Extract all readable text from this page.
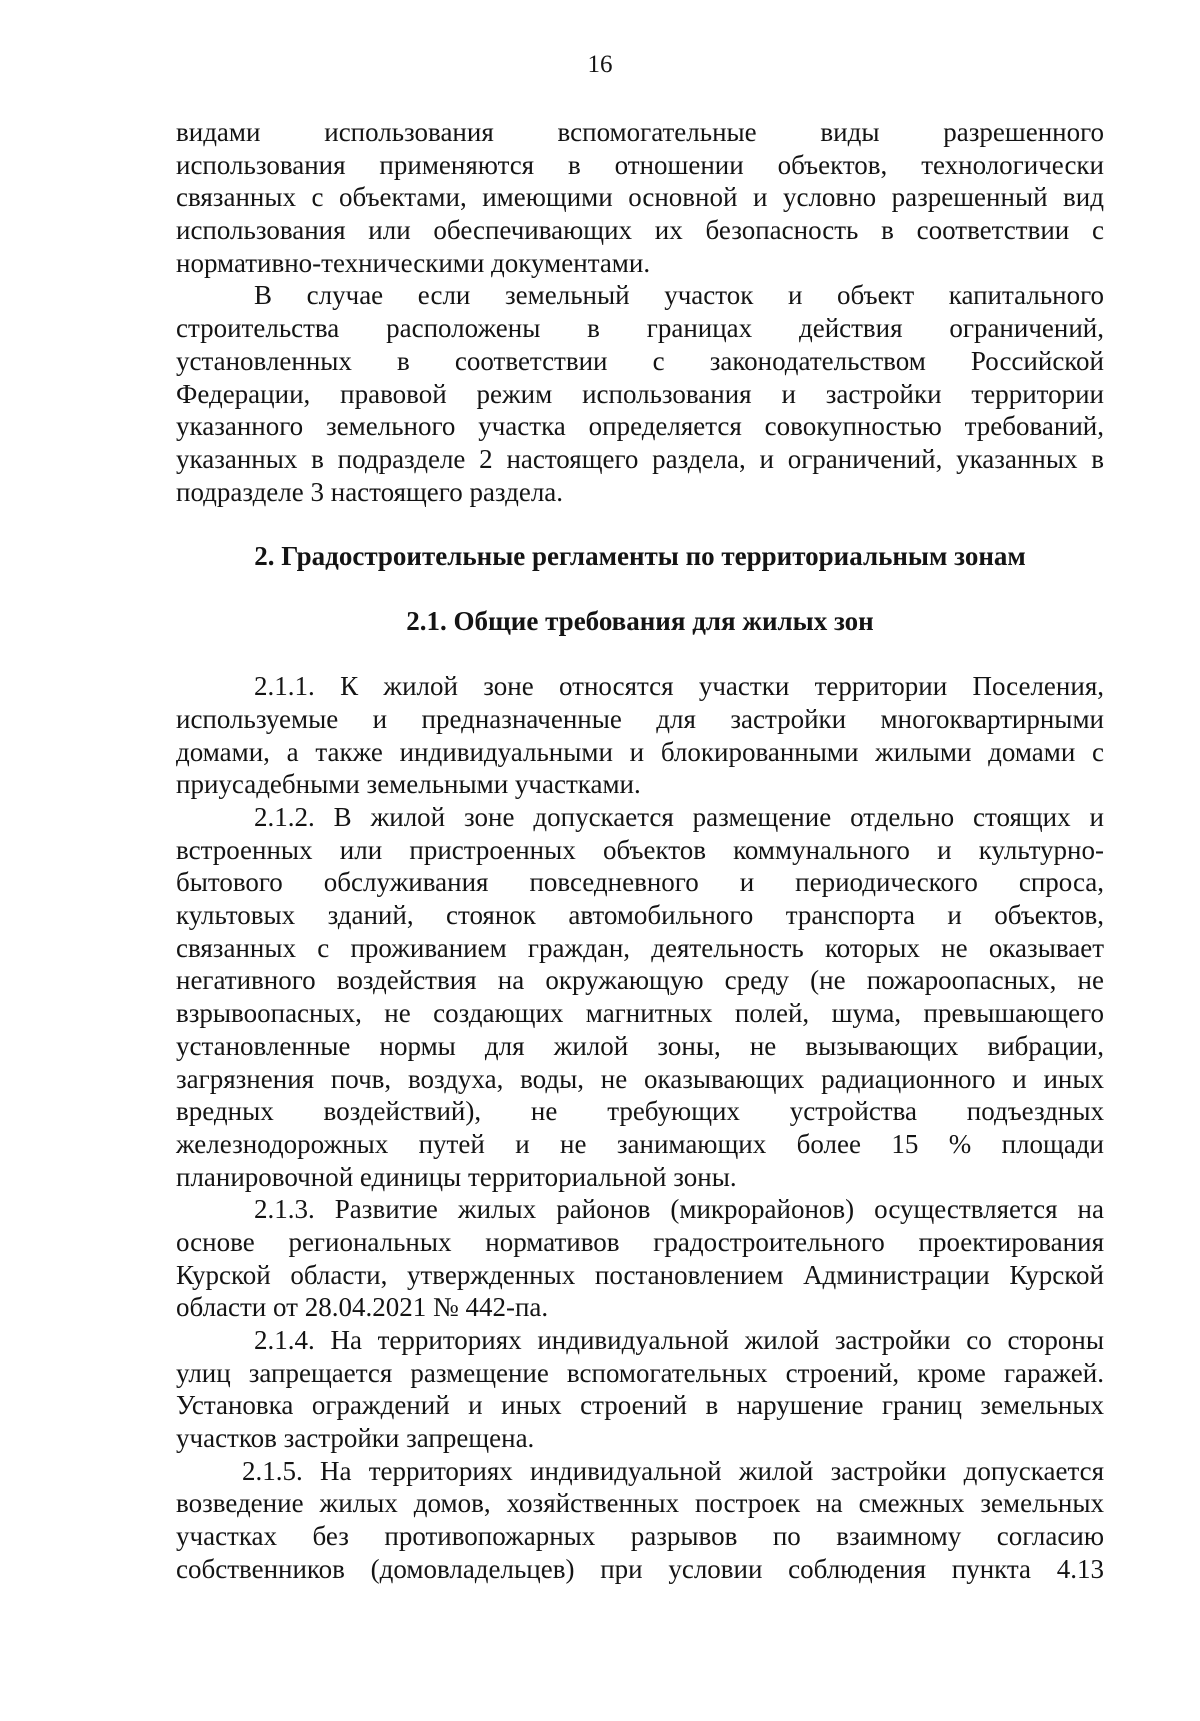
16
видами использования вспомогательные виды разрешенного
использования применяются в отношении объектов, технологически
связанных с объектами, имеющими основной и условно разрешенный вид
использования или обеспечивающих их безопасность в соответствии с
нормативно-техническими документами.
В случае если земельный участок и объект капитального
строительства расположены в границах действия ограничений,
установленных в соответствии с законодательством Российской
Федерации, правовой режим использования и застройки территории
указанного земельного участка определяется совокупностью требований,
указанных в подразделе 2 настоящего раздела, и ограничений, указанных в
подразделе 3 настоящего раздела.
2. Градостроительные регламенты по территориальным зонам
2.1. Общие требования для жилых зон
2.1.1. К жилой зоне относятся участки территории Поселения,
используемые и предназначенные для застройки многоквартирными
домами, а также индивидуальными и блокированными жилыми домами с
приусадебными земельными участками.
2.1.2. В жилой зоне допускается размещение отдельно стоящих и
встроенных или пристроенных объектов коммунального и культурно-
бытового обслуживания повседневного и периодического спроса,
культовых зданий, стоянок автомобильного транспорта и объектов,
связанных с проживанием граждан, деятельность которых не оказывает
негативного воздействия на окружающую среду (не пожароопасных, не
взрывоопасных, не создающих магнитных полей, шума, превышающего
установленные нормы для жилой зоны, не вызывающих вибрации,
загрязнения почв, воздуха, воды, не оказывающих радиационного и иных
вредных воздействий), не требующих устройства подъездных
железнодорожных путей и не занимающих более 15 % площади
планировочной единицы территориальной зоны.
2.1.3. Развитие жилых районов (микрорайонов) осуществляется на
основе региональных нормативов градостроительного проектирования
Курской области, утвержденных постановлением Администрации Курской
области от 28.04.2021 № 442-па.
2.1.4. На территориях индивидуальной жилой застройки со стороны
улиц запрещается размещение вспомогательных строений, кроме гаражей.
Установка ограждений и иных строений в нарушение границ земельных
участков застройки запрещена.
2.1.5. На территориях индивидуальной жилой застройки допускается
возведение жилых домов, хозяйственных построек на смежных земельных
участках без противопожарных разрывов по взаимному согласию
собственников (домовладельцев) при условии соблюдения пункта 4.13
